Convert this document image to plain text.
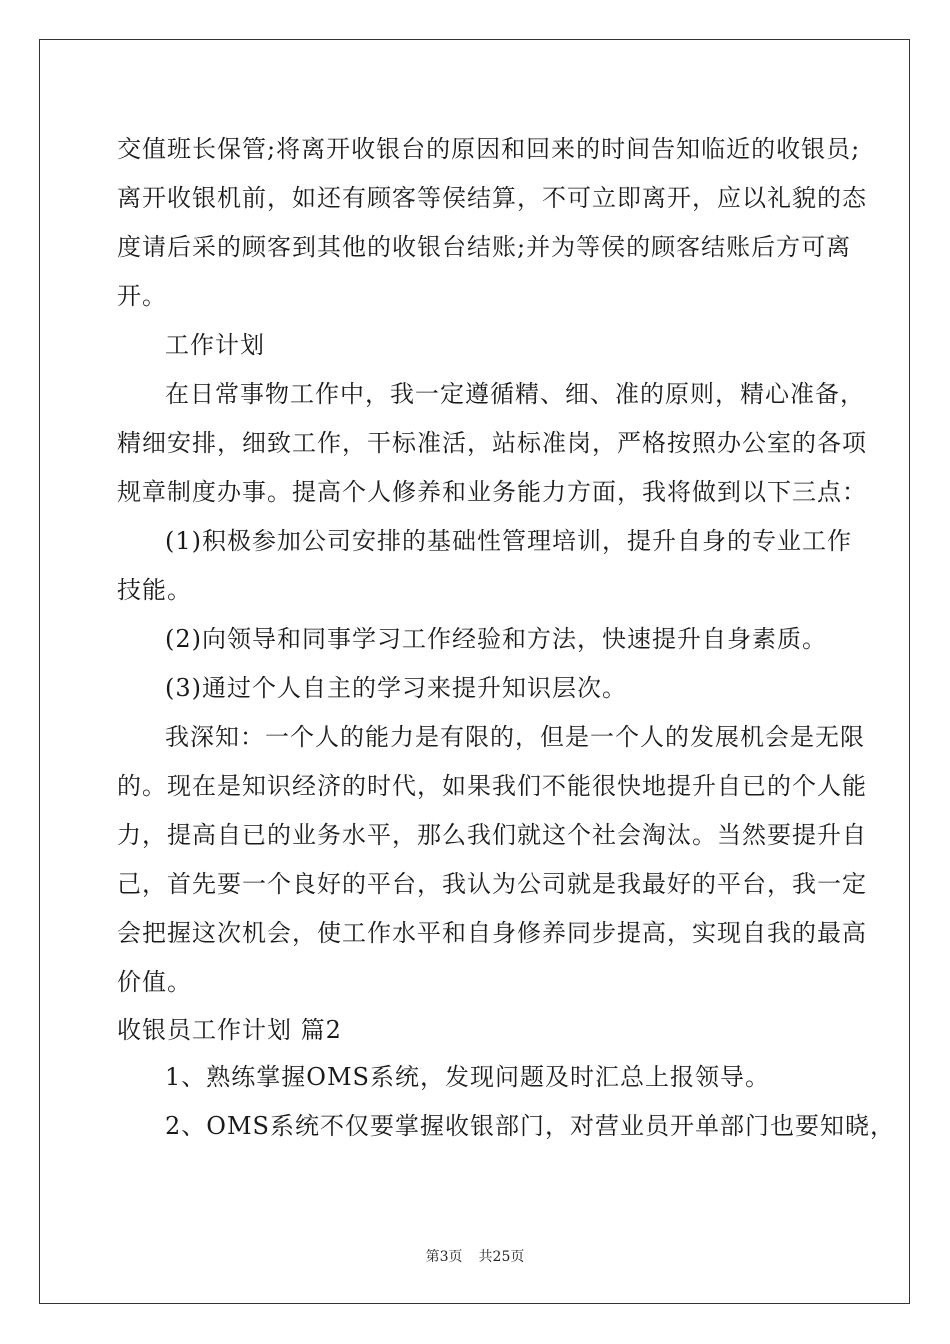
交值班长保管;将离开收银台的原因和回来的时间告知临近的收银员;
离开收银机前，如还有顾客等侯结算，不可立即离开，应以礼貌的态
度请后采的顾客到其他的收银台结账;并为等侯的顾客结账后方可离
开。
工作计划
在日常事物工作中，我一定遵循精、细、准的原则，精心准备，
精细安排，细致工作，干标准活，站标准岗，严格按照办公室的各项
规章制度办事。提高个人修养和业务能力方面，我将做到以下三点：
(1)积极参加公司安排的基础性管理培训，提升自身的专业工作
技能。
(2)向领导和同事学习工作经验和方法，快速提升自身素质。
(3)通过个人自主的学习来提升知识层次。
我深知：一个人的能力是有限的，但是一个人的发展机会是无限
的。现在是知识经济的时代，如果我们不能很快地提升自已的个人能
力，提高自已的业务水平，那么我们就这个社会淘汰。当然要提升自
己，首先要一个良好的平台，我认为公司就是我最好的平台，我一定
会把握这次机会，使工作水平和自身修养同步提高，实现自我的最高
价值。
收银员工作计划 篇2
1、熟练掌握OMS系统，发现问题及时汇总上报领导。
2、OMS系统不仅要掌握收银部门，对营业员开单部门也要知晓，
第3页 共25页
